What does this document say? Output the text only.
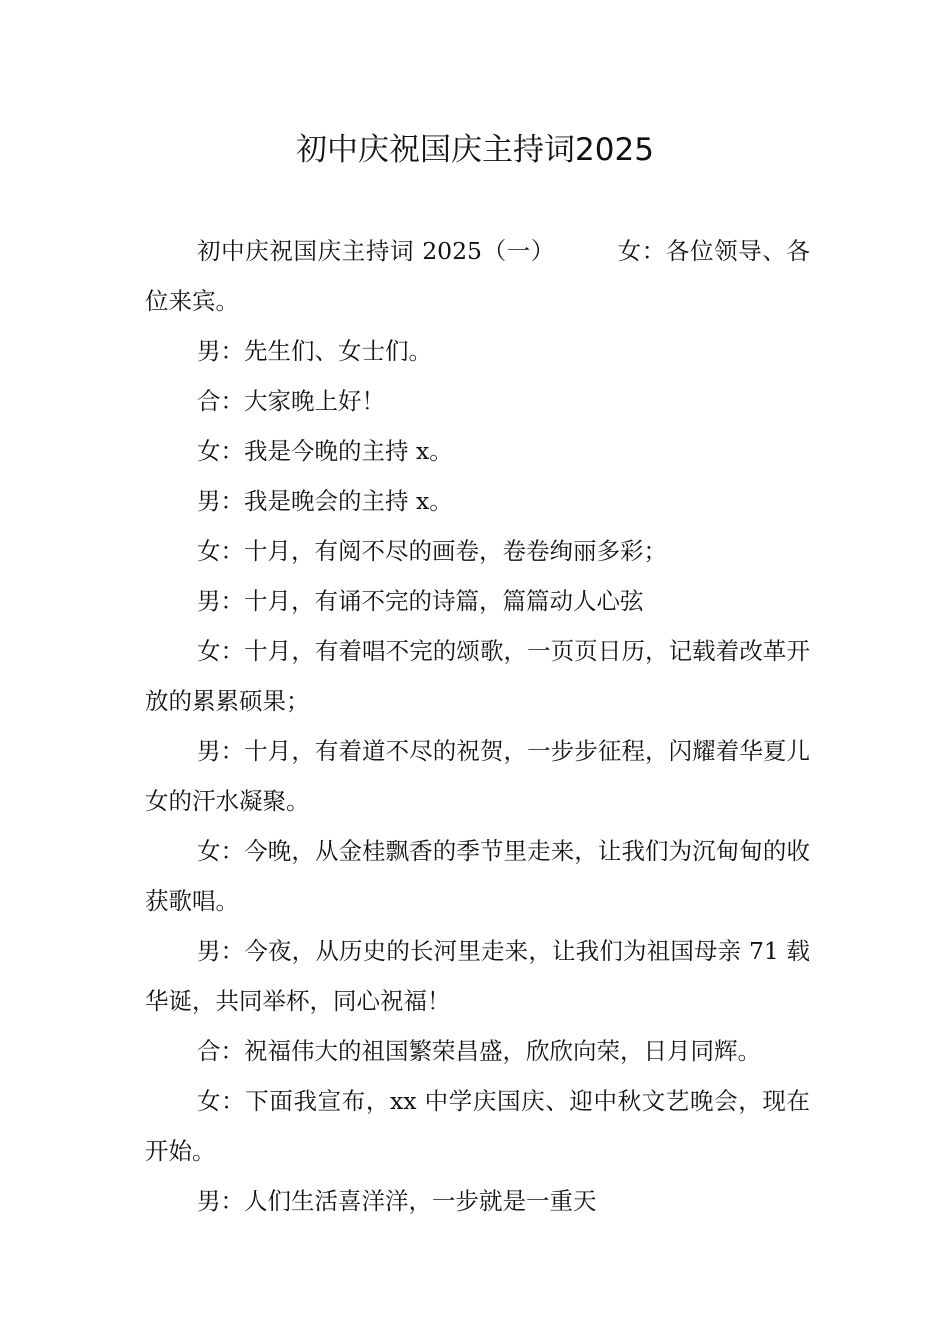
初中庆祝国庆主持词2025

初中庆祝国庆主持词 2025（一）	女：各位领导、各位来宾。

男：先生们、女士们。

合：大家晚上好！

女：我是今晚的主持 x。

男：我是晚会的主持 x。

女：十月，有阅不尽的画卷，卷卷绚丽多彩；

男：十月，有诵不完的诗篇，篇篇动人心弦

女：十月，有着唱不完的颂歌，一页页日历，记载着改革开放的累累硕果；

男：十月，有着道不尽的祝贺，一步步征程，闪耀着华夏儿女的汗水凝聚。

女：今晚，从金桂飘香的季节里走来，让我们为沉甸甸的收获歌唱。

男：今夜，从历史的长河里走来，让我们为祖国母亲 71 载华诞，共同举杯，同心祝福！

合：祝福伟大的祖国繁荣昌盛，欣欣向荣，日月同辉。

女：下面我宣布，xx 中学庆国庆、迎中秋文艺晚会，现在开始。

男：人们生活喜洋洋，一步就是一重天
